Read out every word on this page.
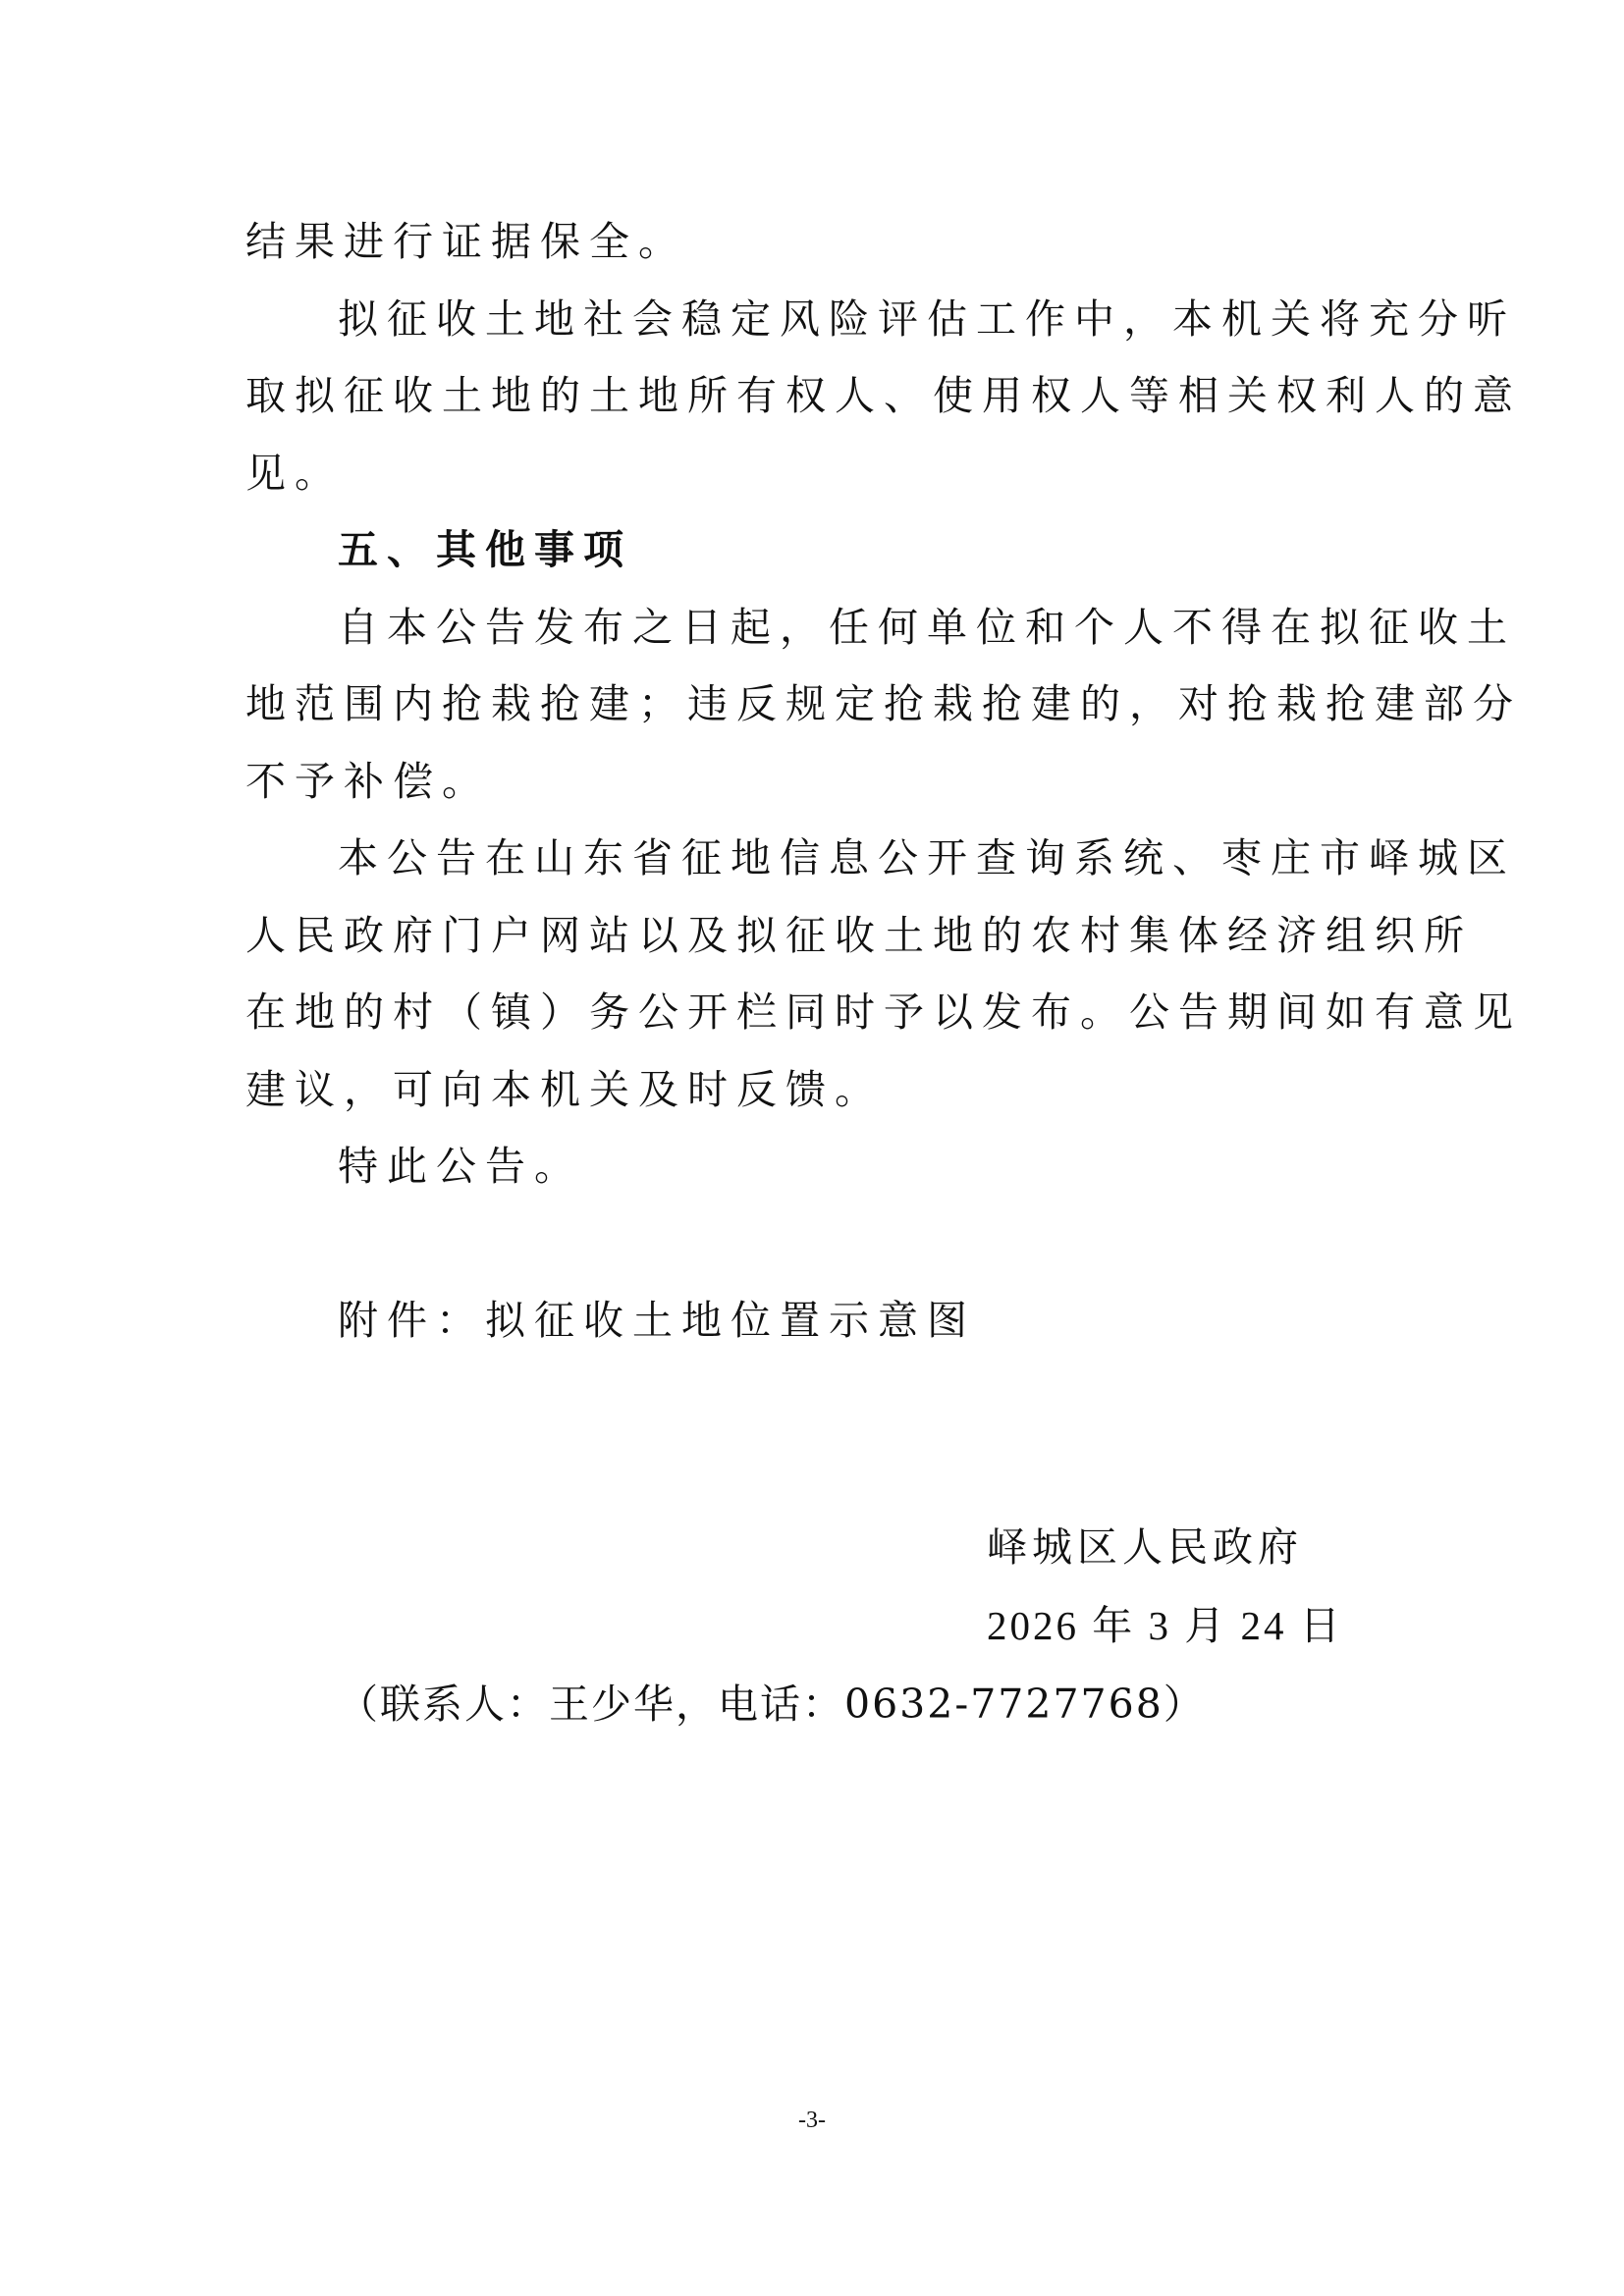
结果进行证据保全。

拟征收土地社会稳定风险评估工作中，本机关将充分听

取拟征收土地的土地所有权人、使用权人等相关权利人的意

见。

五、其他事项

自本公告发布之日起，任何单位和个人不得在拟征收土

地范围内抢栽抢建；违反规定抢栽抢建的，对抢栽抢建部分

不予补偿。

本公告在山东省征地信息公开查询系统、枣庄市峄城区

人民政府门户网站以及拟征收土地的农村集体经济组织所

在地的村（镇）务公开栏同时予以发布。公告期间如有意见

建议，可向本机关及时反馈。

特此公告。

附件：拟征收土地位置示意图

峄城区人民政府
2026 年 3 月 24 日
（联系人：王少华，电话：0632-7727768）
-3-
